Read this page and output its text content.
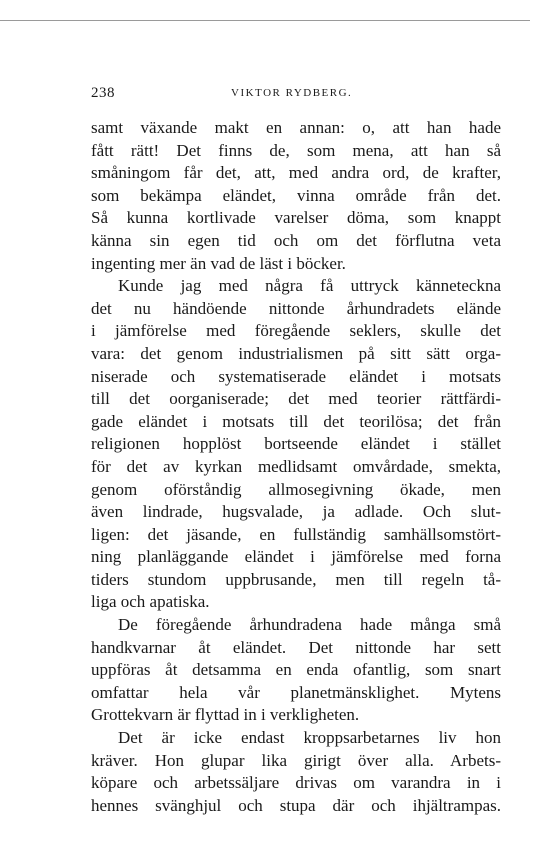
238	VIKTOR RYDBERG.
samt växande makt en annan: o, att han hade
fått rätt! Det finns de, som mena, att han så
småningom får det, att, med andra ord, de krafter,
som bekämpa eländet, vinna område från det.
Så kunna kortlivade varelser döma, som knappt
känna sin egen tid och om det förflutna veta
ingenting mer än vad de läst i böcker.
Kunde jag med några få uttryck känneteckna
det nu händöende nittonde århundradets elände
i jämförelse med föregående seklers, skulle det
vara: det genom industrialismen på sitt sätt orga-
niserade och systematiserade eländet i motsats
till det oorganiserade; det med teorier rättfärdi-
gade eländet i motsats till det teorilösa; det från
religionen hopplöst bortseende eländet i stället
för det av kyrkan medlidsamt omvårdade, smekta,
genom oförståndig allmosegivning ökade, men
även lindrade, hugsvalade, ja adlade. Och slut-
ligen: det jäsande, en fullständig samhällsomstört-
ning planläggande eländet i jämförelse med forna
tiders stundom uppbrusande, men till regeln tå-
liga och apatiska.
De föregående århundradena hade många små
handkvarnar åt eländet. Det nittonde har sett
uppföras åt detsamma en enda ofantlig, som snart
omfattar hela vår planetmänsklighet. Mytens
Grottekvarn är flyttad in i verkligheten.
Det är icke endast kroppsarbetarnes liv hon
kräver. Hon glupar lika girigt över alla. Arbets-
köpare och arbetssäljare drivas om varandra in i
hennes svänghjul och stupa där och ihjältrampas.
